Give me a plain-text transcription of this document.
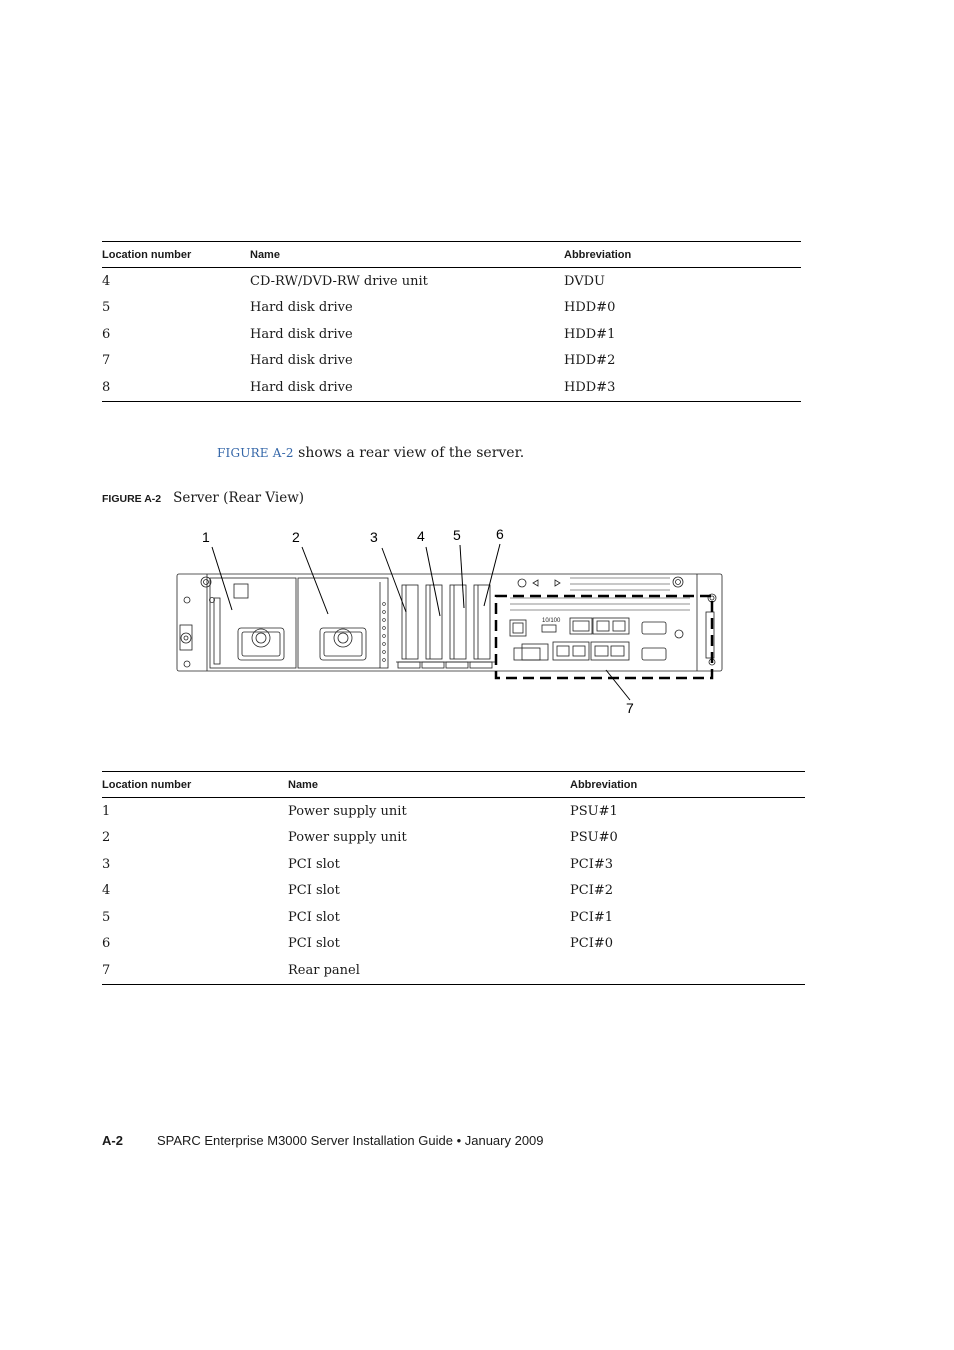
Location number	Name	Abbreviation
4	CD-RW/DVD-RW drive unit	DVDU
5	Hard disk drive	HDD#0
6	Hard disk drive	HDD#1
7	Hard disk drive	HDD#2
8	Hard disk drive	HDD#3
FIGURE A-2 shows a rear view of the server.
FIGURE A-2 Server (Rear View)
10/100
1	2	3	4 5	6
7
Location number	Name	Abbreviation
1	Power supply unit	PSU#1
2	Power supply unit	PSU#0
3	PCI slot	PCI#3
4	PCI slot	PCI#2
5	PCI slot	PCI#1
6	PCI slot	PCI#0
7	Rear panel	
A-2	SPARC Enterprise M3000 Server Installation Guide • January 2009
